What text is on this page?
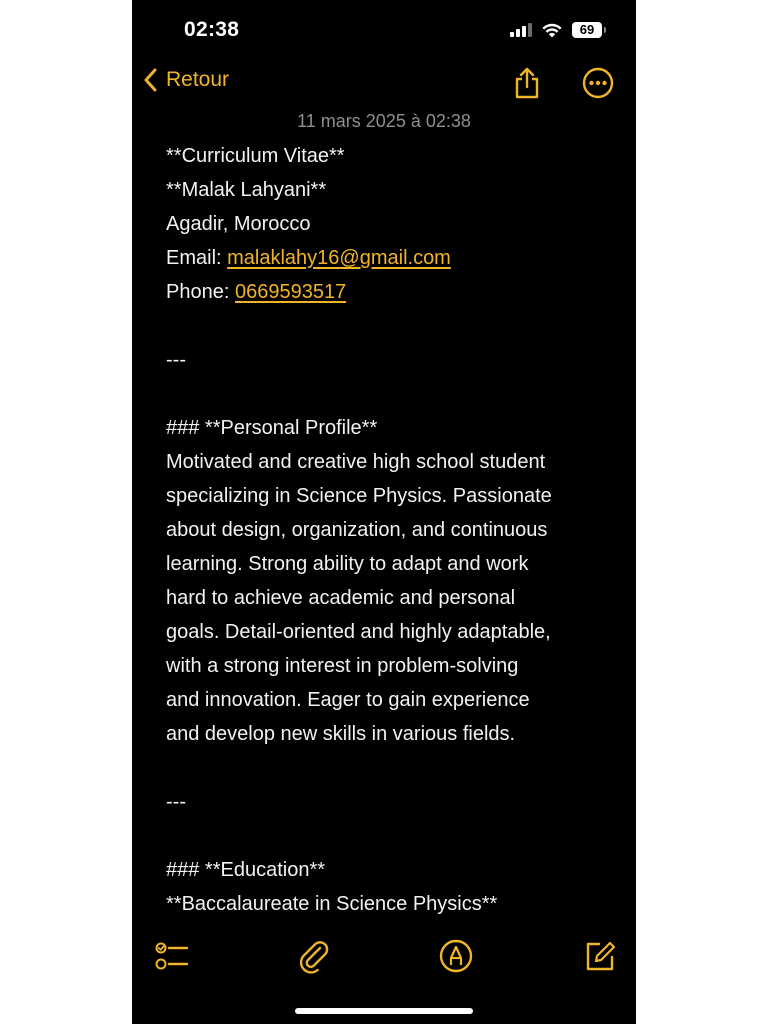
02:38	69
Retour
11 mars 2025 à 02:38
**Curriculum Vitae**
**Malak Lahyani**
Agadir, Morocco
Email: malaklahy16@gmail.com
Phone: 0669593517
---
### **Personal Profile**
Motivated and creative high school student
specializing in Science Physics. Passionate
about design, organization, and continuous
learning. Strong ability to adapt and work
hard to achieve academic and personal
goals. Detail-oriented and highly adaptable,
with a strong interest in problem-solving
and innovation. Eager to gain experience
and develop new skills in various fields.
---
### **Education**
**Baccalaureate in Science Physics**
